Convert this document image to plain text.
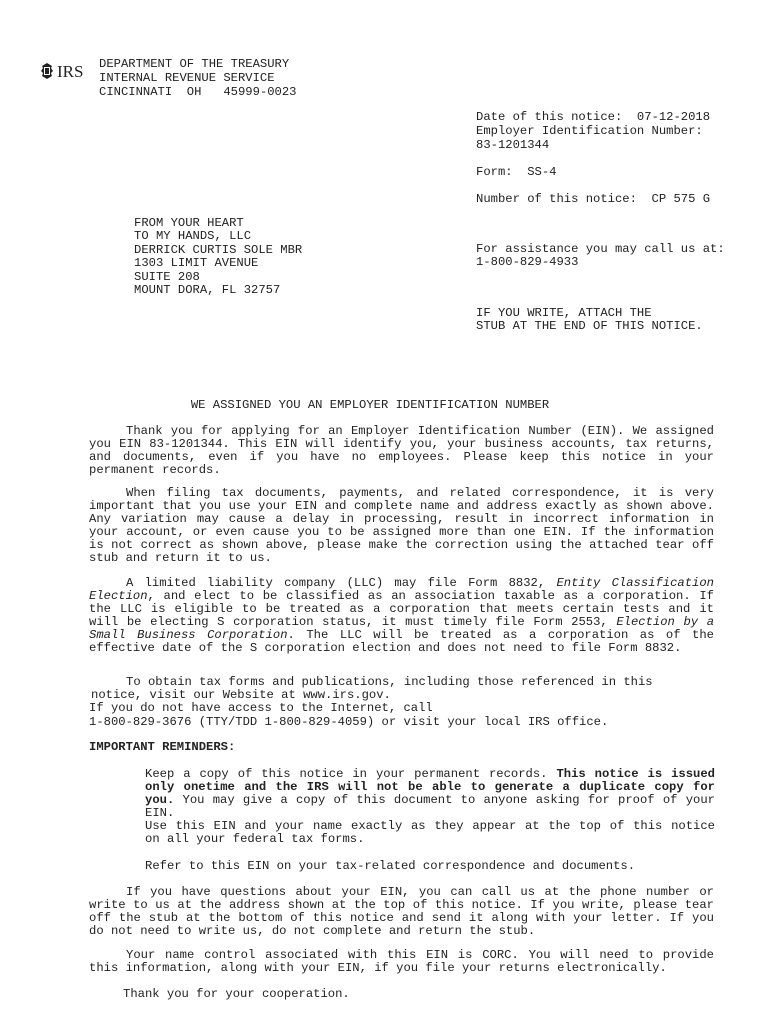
IRS DEPARTMENT OF THE TREASURY
INTERNAL REVENUE SERVICE
CINCINNATI  OH   45999-0023
Date of this notice:  07-12-2018
Employer Identification Number:
83-1201344
Form:  SS-4
Number of this notice:  CP 575 G
For assistance you may call us at:
1-800-829-4933
IF YOU WRITE, ATTACH THE
STUB AT THE END OF THIS NOTICE.
FROM YOUR HEART
TO MY HANDS, LLC
DERRICK CURTIS SOLE MBR
1303 LIMIT AVENUE
SUITE 208
MOUNT DORA, FL 32757
WE ASSIGNED YOU AN EMPLOYER IDENTIFICATION NUMBER
Thank you for applying for an Employer Identification Number (EIN). We assigned you EIN 83-1201344. This EIN will identify you, your business accounts, tax returns, and documents, even if you have no employees. Please keep this notice in your permanent records.
When filing tax documents, payments, and related correspondence, it is very important that you use your EIN and complete name and address exactly as shown above. Any variation may cause a delay in processing, result in incorrect information in your account, or even cause you to be assigned more than one EIN. If the information is not correct as shown above, please make the correction using the attached tear off stub and return it to us.
A limited liability company (LLC) may file Form 8832, Entity Classification Election, and elect to be classified as an association taxable as a corporation. If the LLC is eligible to be treated as a corporation that meets certain tests and it will be electing S corporation status, it must timely file Form 2553, Election by a Small Business Corporation. The LLC will be treated as a corporation as of the effective date of the S corporation election and does not need to file Form 8832.
To obtain tax forms and publications, including those referenced in this
notice, visit our Website at www.irs.gov.
If you do not have access to the Internet, call
1-800-829-3676 (TTY/TDD 1-800-829-4059) or visit your local IRS office.
IMPORTANT REMINDERS:
Keep a copy of this notice in your permanent records. This notice is issued only onetime and the IRS will not be able to generate a duplicate copy for you. You may give a copy of this document to anyone asking for proof of your EIN.
Use this EIN and your name exactly as they appear at the top of this notice on all your federal tax forms.
Refer to this EIN on your tax-related correspondence and documents.
If you have questions about your EIN, you can call us at the phone number or write to us at the address shown at the top of this notice. If you write, please tear off the stub at the bottom of this notice and send it along with your letter. If you do not need to write us, do not complete and return the stub.
Your name control associated with this EIN is CORC. You will need to provide this information, along with your EIN, if you file your returns electronically.
Thank you for your cooperation.
